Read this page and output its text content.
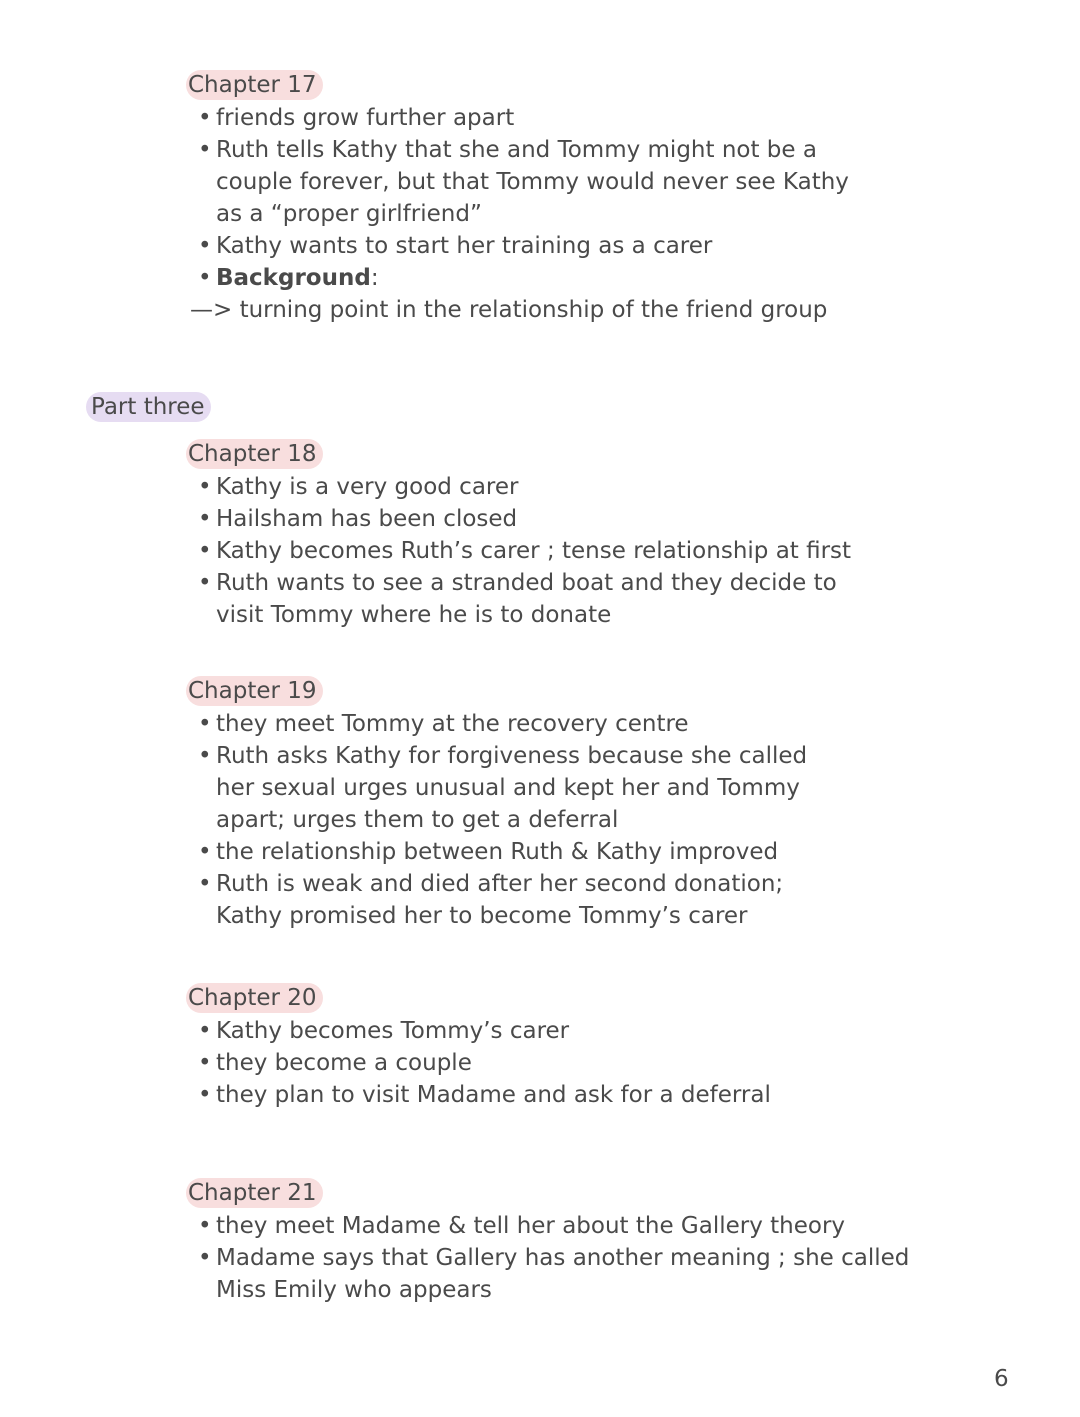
Chapter 17
• friends grow further apart
• Ruth tells Kathy that she and Tommy might not be a couple forever, but that Tommy would never see Kathy as a “proper girlfriend”
• Kathy wants to start her training as a carer
• Background:
—> turning point in the relationship of the friend group
Part three
Chapter 18
• Kathy is a very good carer
• Hailsham has been closed
• Kathy becomes Ruth’s carer ; tense relationship at first
• Ruth wants to see a stranded boat and they decide to visit Tommy where he is to donate
Chapter 19
• they meet Tommy at the recovery centre
• Ruth asks Kathy for forgiveness because she called her sexual urges unusual and kept her and Tommy apart; urges them to get a deferral
• the relationship between Ruth & Kathy improved
• Ruth is weak and died after her second donation; Kathy promised her to become Tommy’s carer
Chapter 20
• Kathy becomes Tommy’s carer
• they become a couple
• they plan to visit Madame and ask for a deferral
Chapter 21
• they meet Madame & tell her about the Gallery theory
• Madame says that Gallery has another meaning ; she called Miss Emily who appears
6
